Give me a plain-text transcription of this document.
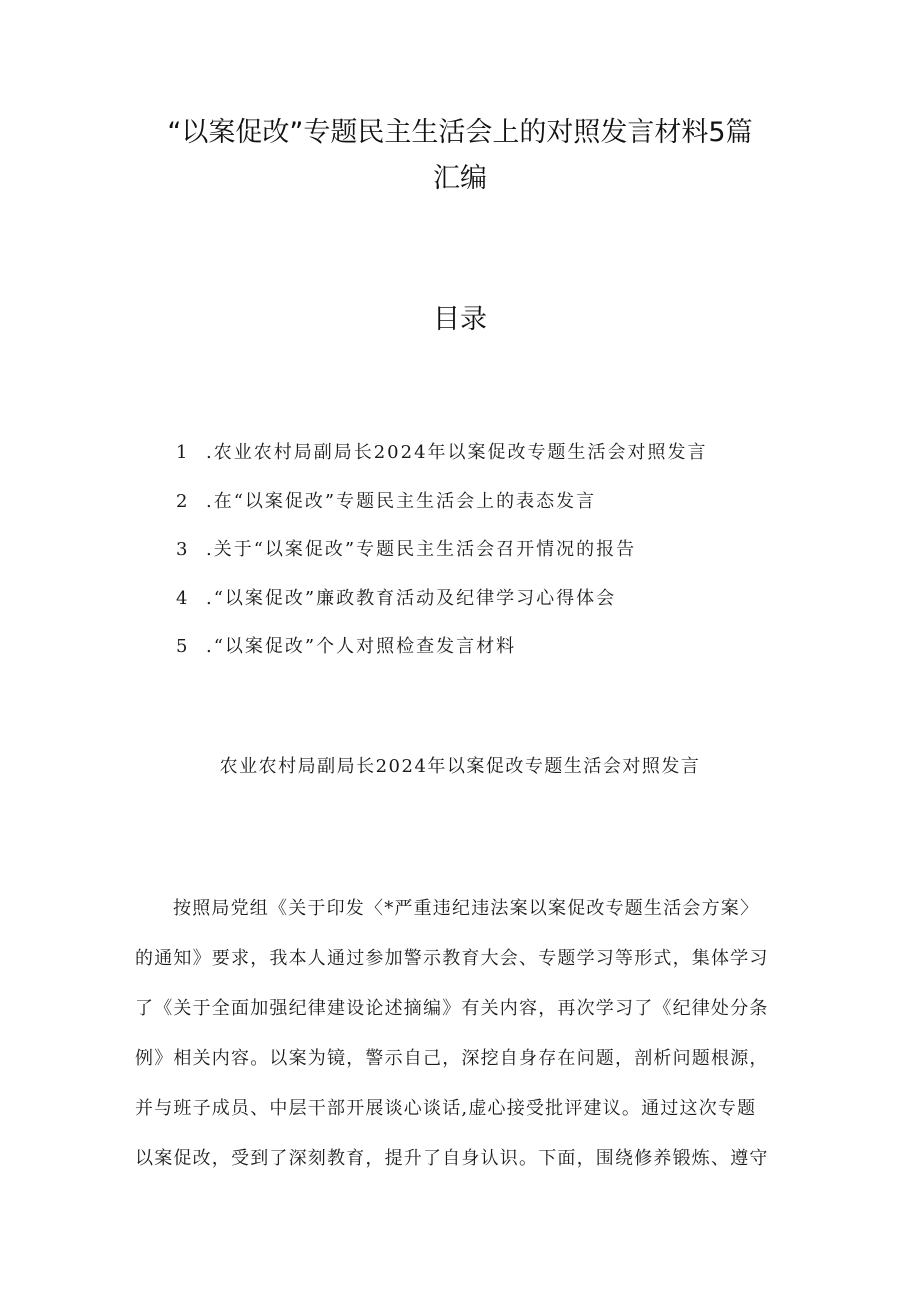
“以案促改”专题民主生活会上的对照发言材料5篇
汇编
目录
1 .农业农村局副局长2024年以案促改专题生活会对照发言
2 .在“以案促改”专题民主生活会上的表态发言
3 .关于“以案促改”专题民主生活会召开情况的报告
4 .“以案促改”廉政教育活动及纪律学习心得体会
5 .“以案促改”个人对照检查发言材料
农业农村局副局长2024年以案促改专题生活会对照发言
按照局党组《关于印发〈*严重违纪违法案以案促改专题生活会方案〉
的通知》要求，我本人通过参加警示教育大会、专题学习等形式，集体学习
了《关于全面加强纪律建设论述摘编》有关内容，再次学习了《纪律处分条
例》相关内容。以案为镜，警示自己，深挖自身存在问题，剖析问题根源，
并与班子成员、中层干部开展谈心谈话,虚心接受批评建议。通过这次专题
以案促改，受到了深刻教育，提升了自身认识。下面，围绕修养锻炼、遵守
